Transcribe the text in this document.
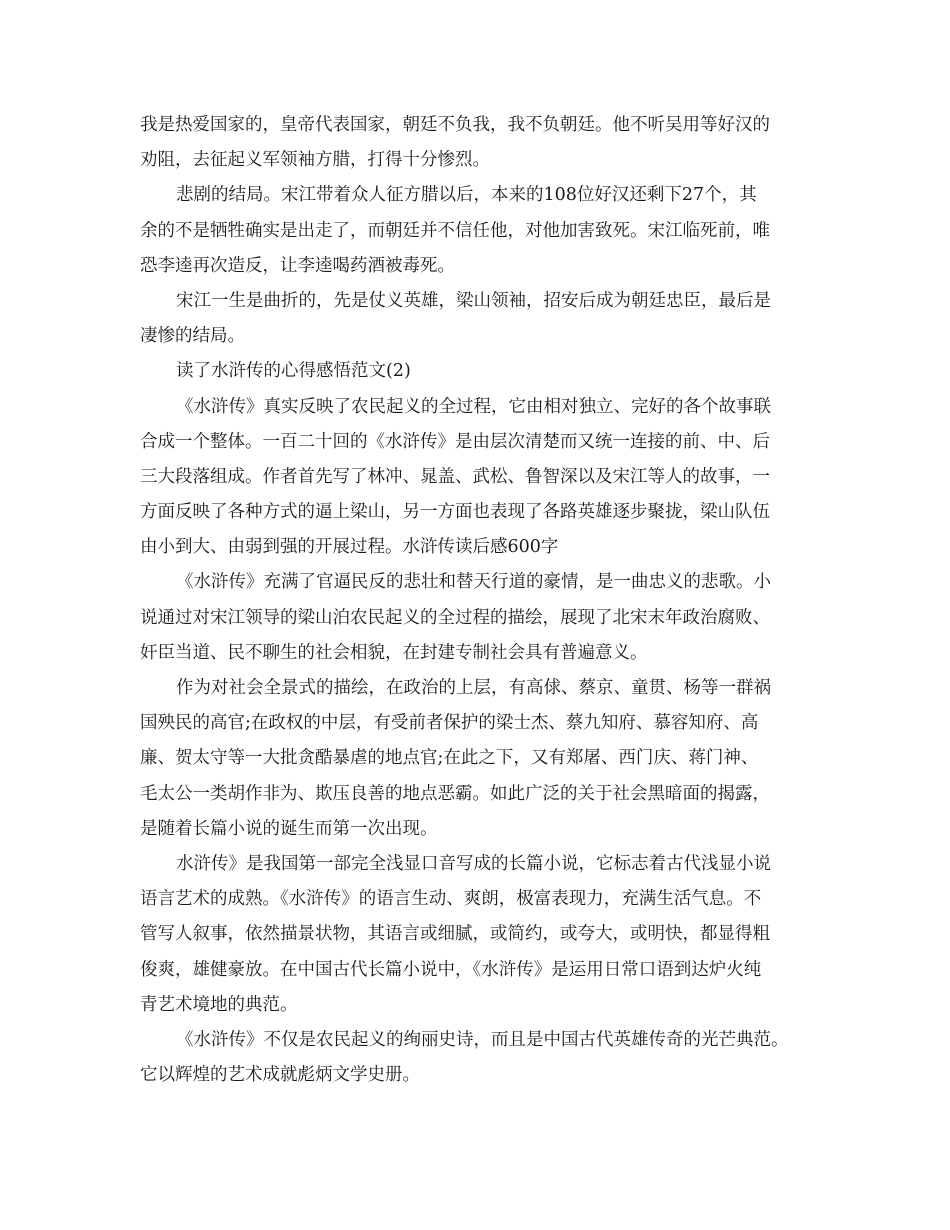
我是热爱国家的，皇帝代表国家，朝廷不负我，我不负朝廷。他不听吴用等好汉的
劝阻，去征起义军领袖方腊，打得十分惨烈。
悲剧的结局。宋江带着众人征方腊以后，本来的108位好汉还剩下27个，其
余的不是牺牲确实是出走了，而朝廷并不信任他，对他加害致死。宋江临死前，唯
恐李逵再次造反，让李逵喝药酒被毒死。
宋江一生是曲折的，先是仗义英雄，梁山领袖，招安后成为朝廷忠臣，最后是
凄惨的结局。
读了水浒传的心得感悟范文(2)
《水浒传》真实反映了农民起义的全过程，它由相对独立、完好的各个故事联
合成一个整体。一百二十回的《水浒传》是由层次清楚而又统一连接的前、中、后
三大段落组成。作者首先写了林冲、晁盖、武松、鲁智深以及宋江等人的故事，一
方面反映了各种方式的逼上梁山，另一方面也表现了各路英雄逐步聚拢，梁山队伍
由小到大、由弱到强的开展过程。水浒传读后感600字
《水浒传》充满了官逼民反的悲壮和替天行道的豪情，是一曲忠义的悲歌。小
说通过对宋江领导的梁山泊农民起义的全过程的描绘，展现了北宋末年政治腐败、
奸臣当道、民不聊生的社会相貌，在封建专制社会具有普遍意义。
作为对社会全景式的描绘，在政治的上层，有高俅、蔡京、童贯、杨等一群祸
国殃民的高官;在政权的中层，有受前者保护的梁士杰、蔡九知府、慕容知府、高
廉、贺太守等一大批贪酷暴虐的地点官;在此之下，又有郑屠、西门庆、蒋门神、
毛太公一类胡作非为、欺压良善的地点恶霸。如此广泛的关于社会黑暗面的揭露，
是随着长篇小说的诞生而第一次出现。
水浒传》是我国第一部完全浅显口音写成的长篇小说，它标志着古代浅显小说
语言艺术的成熟。《水浒传》的语言生动、爽朗，极富表现力，充满生活气息。不
管写人叙事，依然描景状物，其语言或细腻，或简约，或夸大，或明快，都显得粗
俊爽，雄健豪放。在中国古代长篇小说中，《水浒传》是运用日常口语到达炉火纯
青艺术境地的典范。
《水浒传》不仅是农民起义的绚丽史诗，而且是中国古代英雄传奇的光芒典范。
它以辉煌的艺术成就彪炳文学史册。
